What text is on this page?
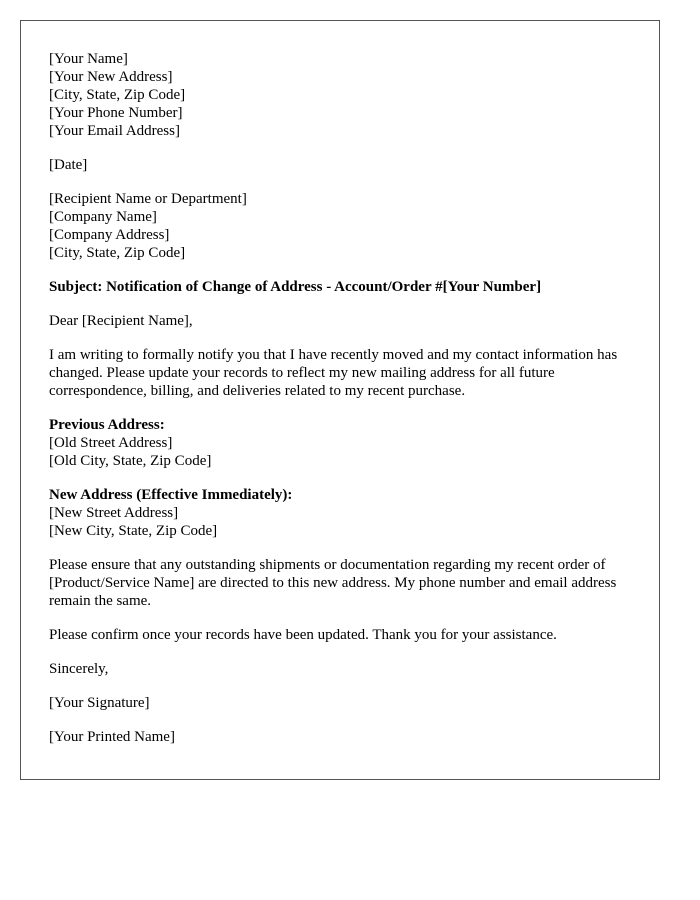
[Your Name]
[Your New Address]
[City, State, Zip Code]
[Your Phone Number]
[Your Email Address]
[Date]
[Recipient Name or Department]
[Company Name]
[Company Address]
[City, State, Zip Code]
Subject: Notification of Change of Address - Account/Order #[Your Number]
Dear [Recipient Name],

I am writing to formally notify you that I have recently moved and my contact information has changed. Please update your records to reflect my new mailing address for all future correspondence, billing, and deliveries related to my recent purchase.

Previous Address:
[Old Street Address]
[Old City, State, Zip Code]
New Address (Effective Immediately):
[New Street Address]
[New City, State, Zip Code]

Please ensure that any outstanding shipments or documentation regarding my recent order of [Product/Service Name] are directed to this new address. My phone number and email address remain the same.

Please confirm once your records have been updated. Thank you for your assistance.

Sincerely,
[Your Signature]
[Your Printed Name]
